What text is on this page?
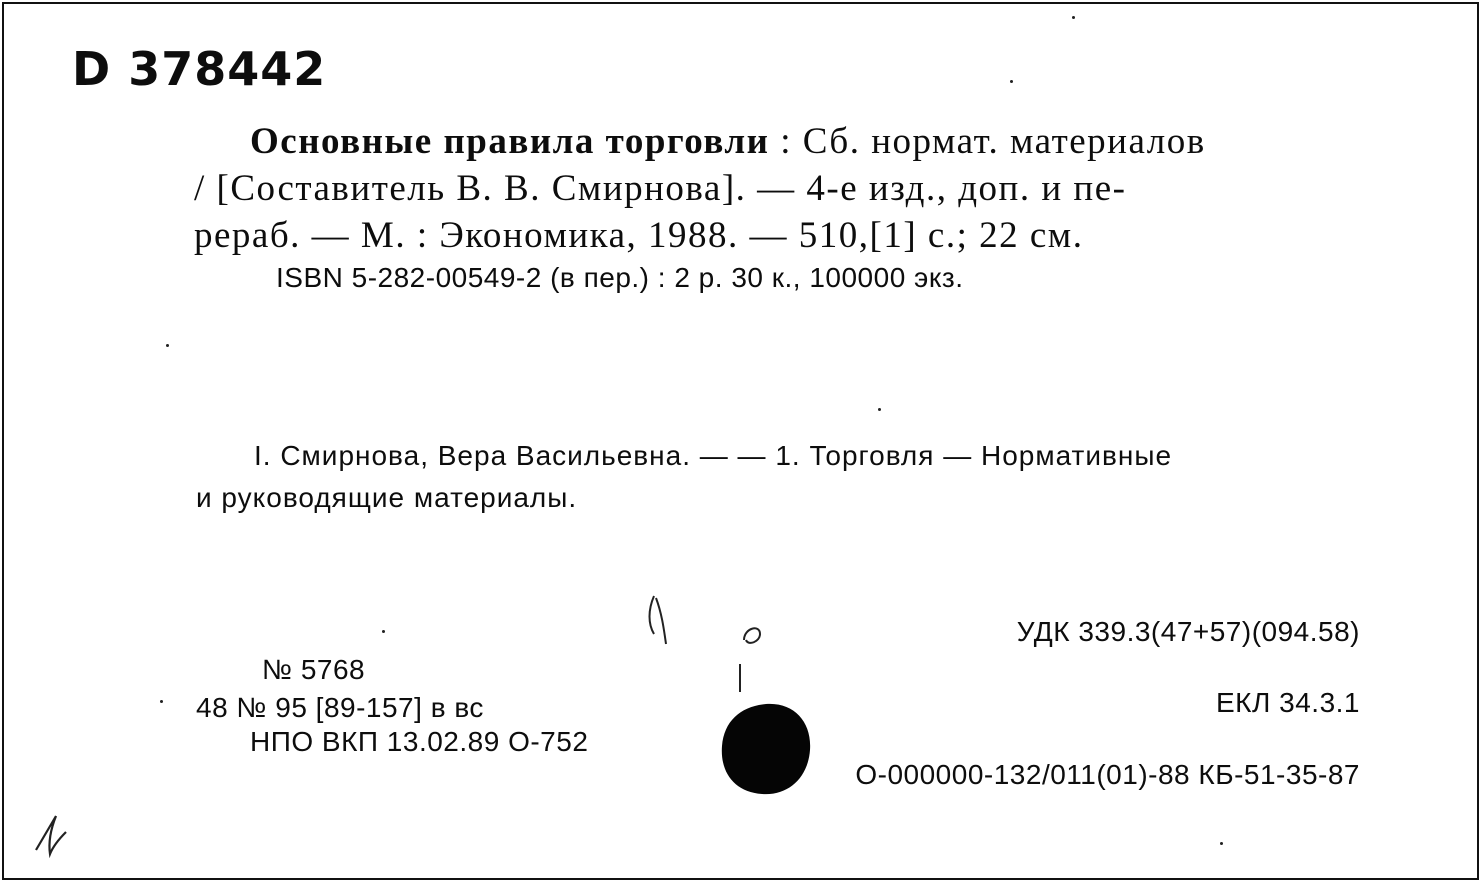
D 378442
Основные правила торговли : Сб. нормат. материалов
/ [Составитель В. В. Смирнова]. — 4-е изд., доп. и пе-
рераб. — М. : Экономика, 1988. — 510,[1] с.; 22 см.
ISBN 5-282-00549-2 (в пер.) : 2 р. 30 к., 100000 экз.
I. Смирнова, Вера Васильевна. — — 1. Торговля — Нормативные
и руководящие материалы.
УДК 339.3(47+57)(094.58)
ЕКЛ 34.3.1
О-000000-132/011(01)-88 КБ-51-35-87
№ 5768
48 № 95 [89-157] в вс
НПО ВКП 13.02.89 О-752
